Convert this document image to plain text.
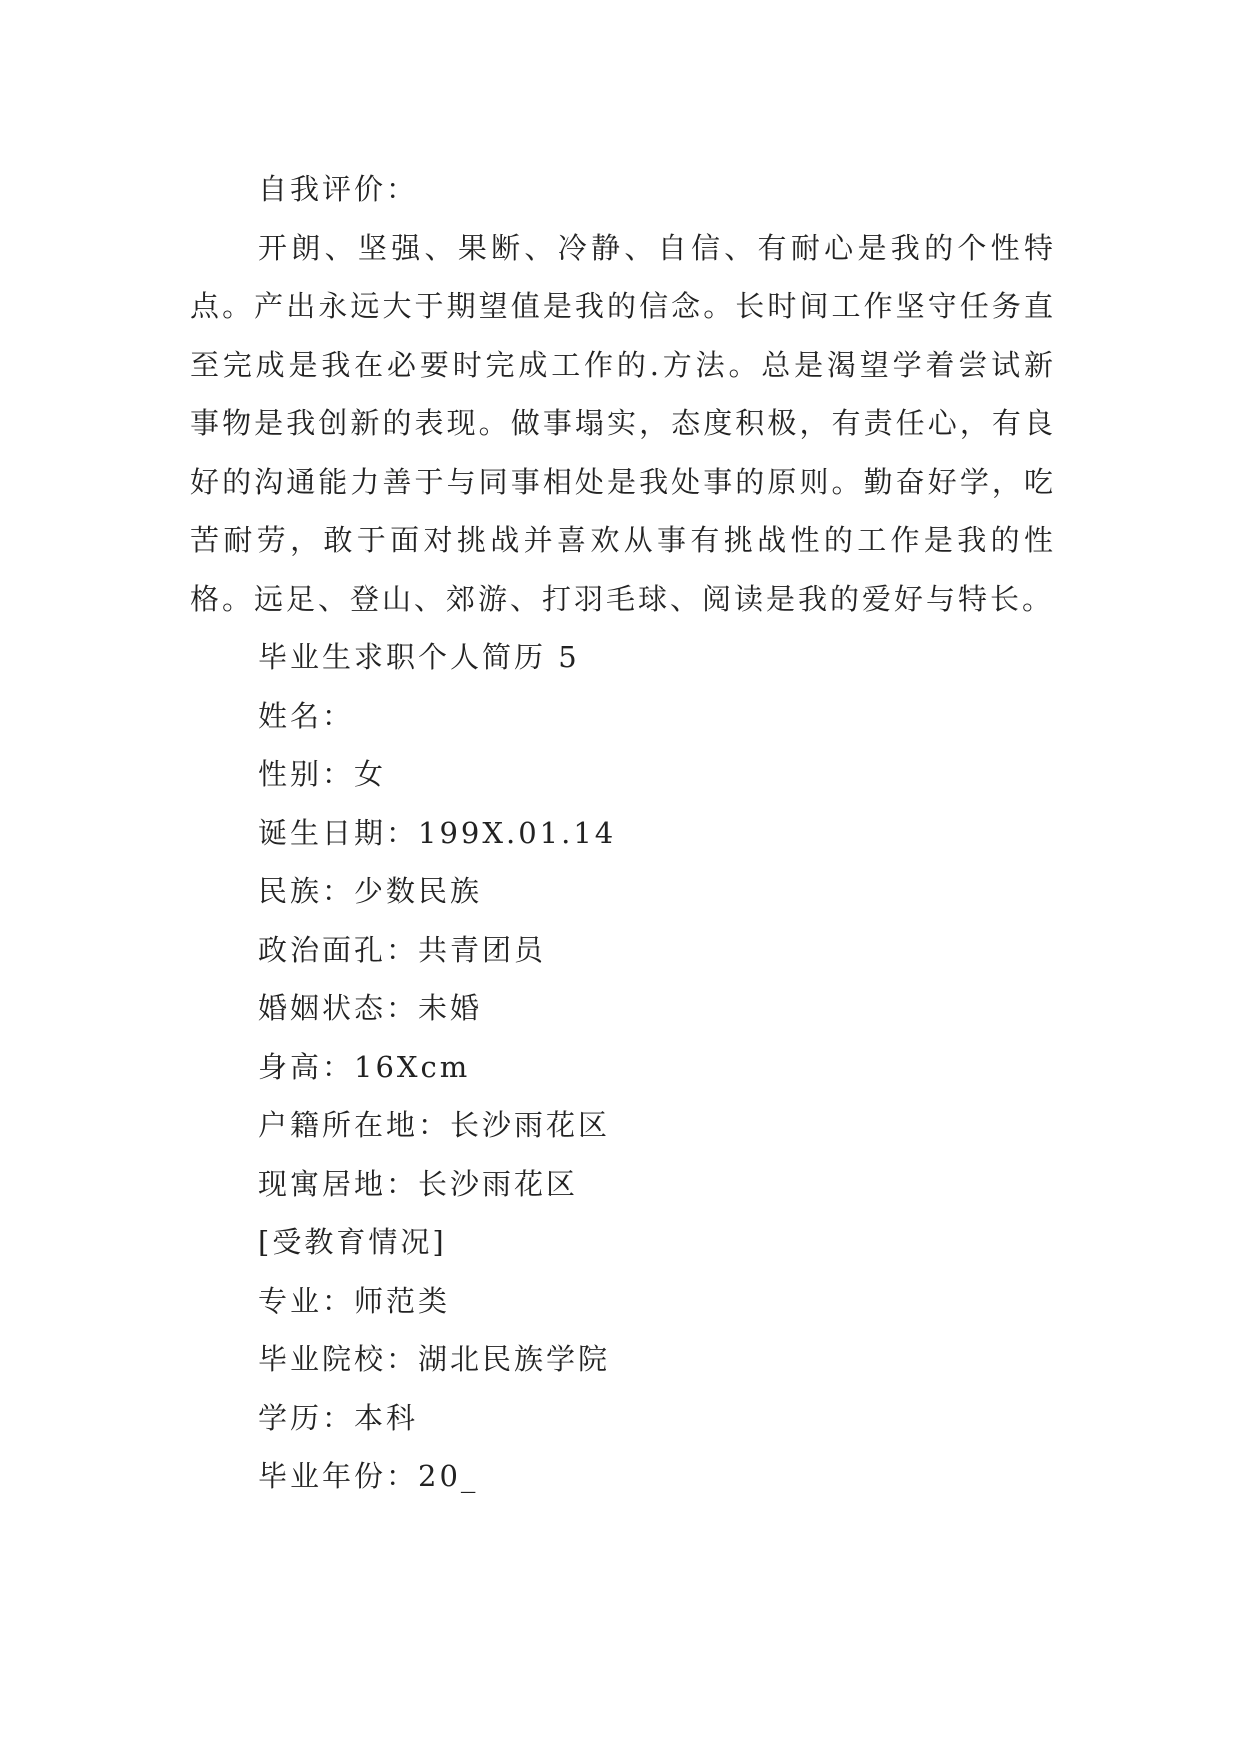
自我评价：

开朗、坚强、果断、冷静、自信、有耐心是我的个性特点。产出永远大于期望值是我的信念。长时间工作坚守任务直至完成是我在必要时完成工作的.方法。总是渴望学着尝试新事物是我创新的表现。做事塌实，态度积极，有责任心，有良好的沟通能力善于与同事相处是我处事的原则。勤奋好学，吃苦耐劳，敢于面对挑战并喜欢从事有挑战性的工作是我的性格。远足、登山、郊游、打羽毛球、阅读是我的爱好与特长。

毕业生求职个人简历 5

姓名：

性别：女

诞生日期：199X.01.14

民族：少数民族

政治面孔：共青团员

婚姻状态：未婚

身高：16Xcm

户籍所在地：长沙雨花区

现寓居地：长沙雨花区

[受教育情况]

专业：师范类

毕业院校：湖北民族学院

学历：本科

毕业年份：20_
